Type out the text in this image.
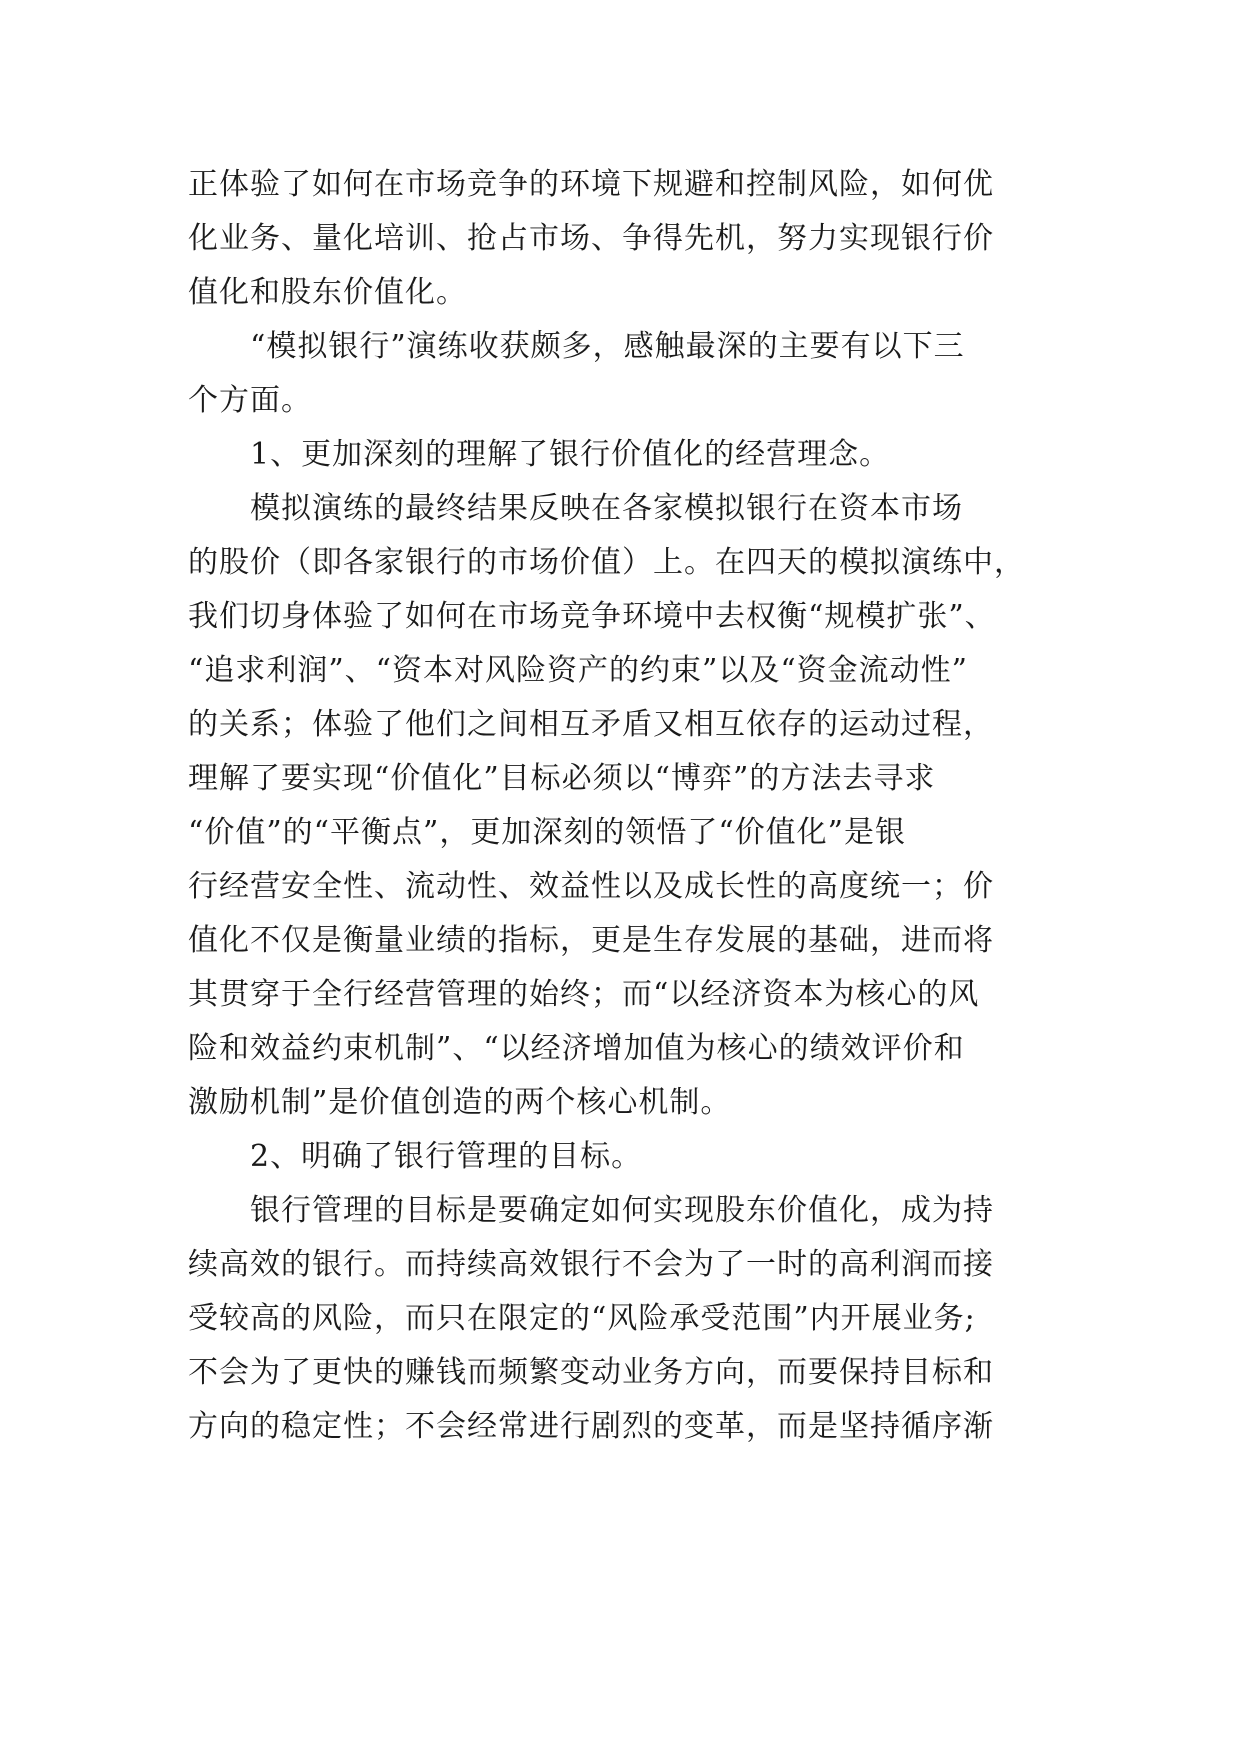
正体验了如何在市场竞争的环境下规避和控制风险，如何优
化业务、量化培训、抢占市场、争得先机，努力实现银行价
值化和股东价值化。
“模拟银行”演练收获颇多，感触最深的主要有以下三
个方面。
1、更加深刻的理解了银行价值化的经营理念。
模拟演练的最终结果反映在各家模拟银行在资本市场
的股价（即各家银行的市场价值）上。在四天的模拟演练中，
我们切身体验了如何在市场竞争环境中去权衡“规模扩张”、
“追求利润”、“资本对风险资产的约束”以及“资金流动性”
的关系；体验了他们之间相互矛盾又相互依存的运动过程，
理解了要实现“价值化”目标必须以“博弈”的方法去寻求
“价值”的“平衡点”，更加深刻的领悟了“价值化”是银
行经营安全性、流动性、效益性以及成长性的高度统一；价
值化不仅是衡量业绩的指标，更是生存发展的基础，进而将
其贯穿于全行经营管理的始终；而“以经济资本为核心的风
险和效益约束机制”、“以经济增加值为核心的绩效评价和
激励机制”是价值创造的两个核心机制。
2、明确了银行管理的目标。
银行管理的目标是要确定如何实现股东价值化，成为持
续高效的银行。而持续高效银行不会为了一时的高利润而接
受较高的风险，而只在限定的“风险承受范围”内开展业务;
不会为了更快的赚钱而频繁变动业务方向，而要保持目标和
方向的稳定性；不会经常进行剧烈的变革，而是坚持循序渐
